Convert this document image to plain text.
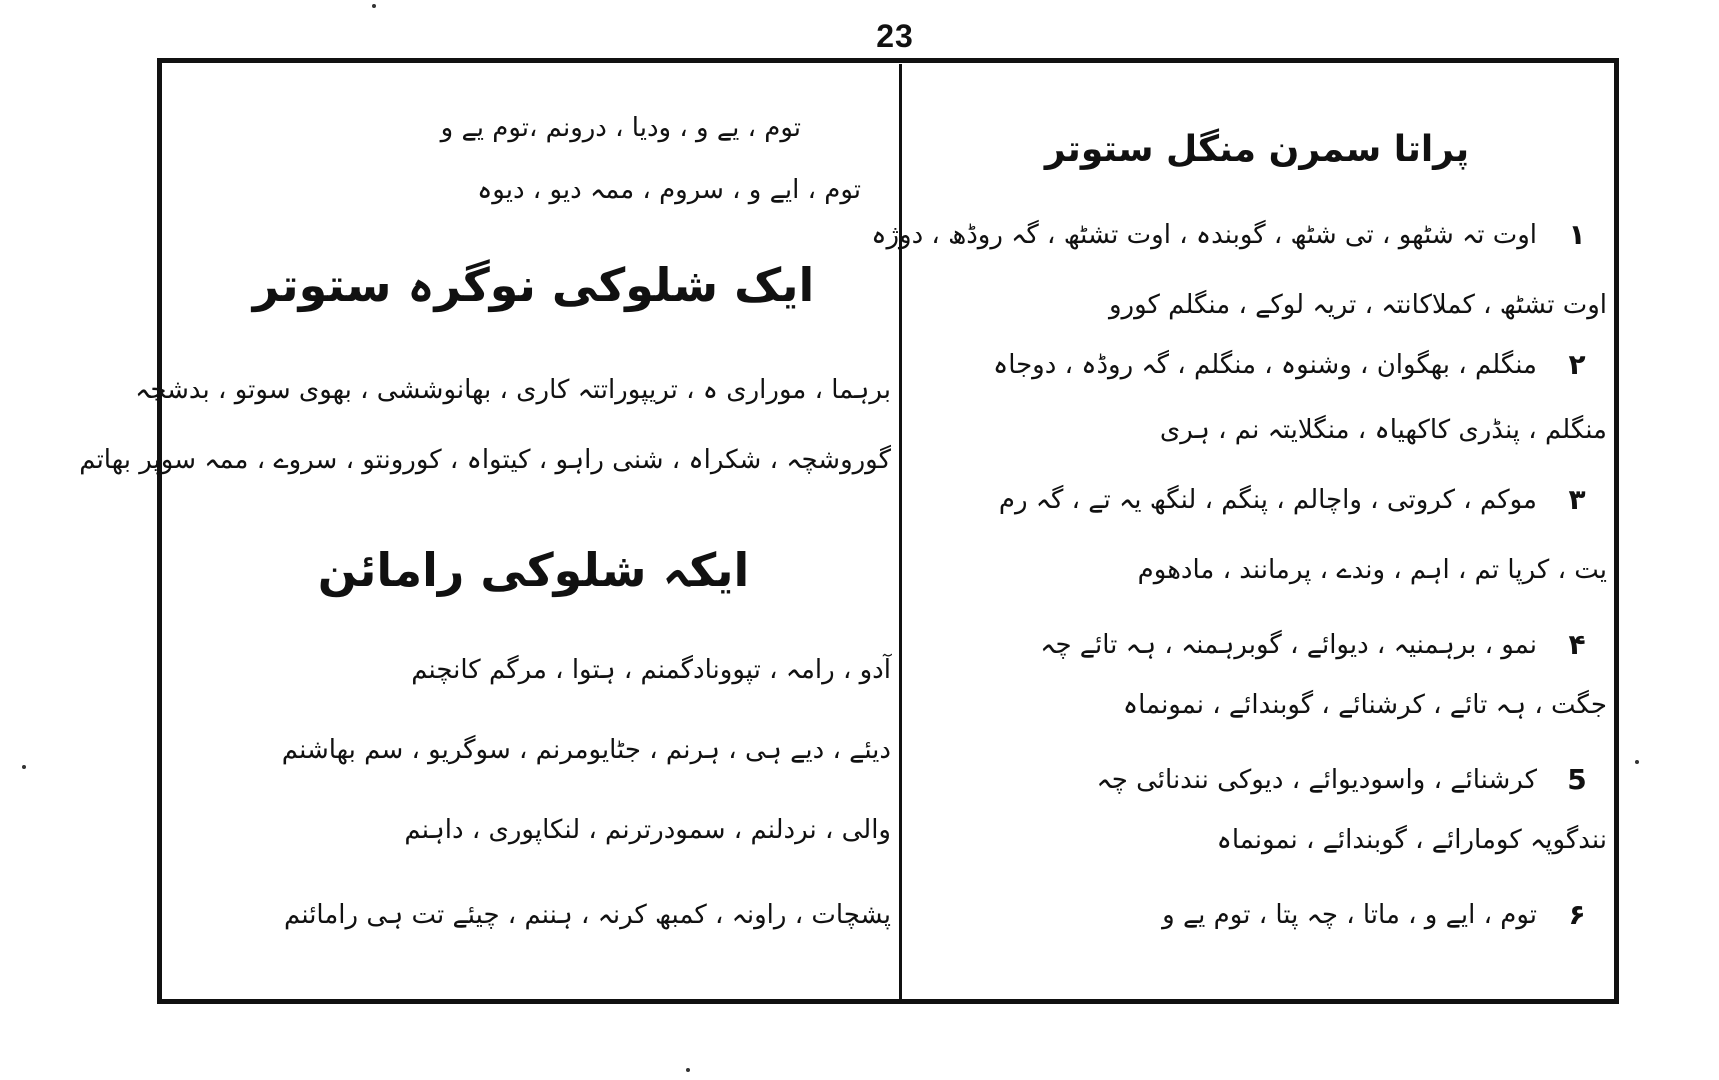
23
توم ، یے و ، ودیا ، درونم ،توم یے و
توم ، ایے و ، سروم ، ممہ دیو ، دیوہ
ایک شلوکی نوگرہ ستوتر
برہما ، موراری ہ ، تریپوراتتہ کاری ، بھانوششی ، بھوی سوتو ، بدشچہ
گوروشچہ ، شکراہ ، شنی راہو ، کیتواہ ، کورونتو ، سروے ، ممہ سوپر بھاتم
ایکہ شلوکی رامائن
آدو ، رامہ ، تپوونادگمنم ، ہتوا ، مرگم کانچنم
دیئے ، دیے ہی ، ہرنم ، جٹایومرنم ، سوگریو ، سم بھاشنم
والی ، نردلنم ، سمودرترنم ، لنکاپوری ، داہنم
پشچات ، راونہ ، کمبھ کرنہ ، ہننم ، چیئے تت ہی رامائنم
پراتا سمرن منگل ستوتر
۱
اوت تہ شٹھو ، تی شٹھ ، گوبندہ ، اوت تشٹھ ، گہ روڈھ ، دوژہ
اوت تشٹھ ، کملاکانتہ ، تریہ لوکے ، منگلم کورو
۲
منگلم ، بھگوان ، وشنوہ ، منگلم ، گہ روڈہ ، دوجاہ
منگلم ، پنڈری کاکھیاہ ، منگلایتہ نم ، ہری
۳
موکم ، کروتی ، واچالم ، پنگم ، لنگھ یہ تے ، گہ رم
یت ، کرپا تم ، اہم ، وندے ، پرمانند ، مادھوم
۴
نمو ، برہمنیہ ، دیوائے ، گوبرہمنہ ، ہہ تائے چہ
جگت ، ہہ تائے ، کرشنائے ، گوبندائے ، نمونماہ
5
کرشنائے ، واسودیوائے ، دیوکی نندنائی چہ
نندگوپہ کومارائے ، گوبندائے ، نمونماہ
۶
توم ، ایے و ، ماتا ، چہ پتا ، توم یے و
